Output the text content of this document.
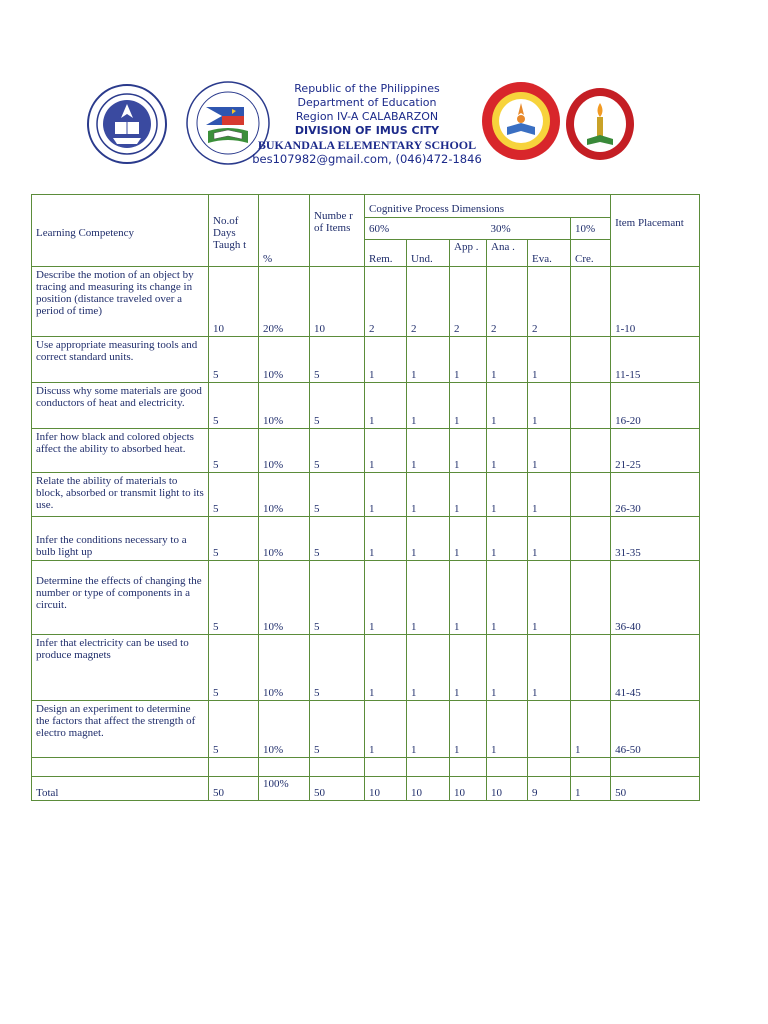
Republic of the Philippines
Department of Education
Region IV-A CALABARZON
DIVISION OF IMUS CITY
BUKANDALA ELEMENTARY SCHOOL
bes107982@gmail.com, (046)472-1846
Learning Competency	No.of Days Taugh t	%	Numbe r of Items	Cognitive Process Dimensions						Item Placemant
				60%			30%		10%	
				Rem.	Und.	App .	Ana .	Eva.	Cre.	
Describe the motion of an object by tracing and measuring its change in position (distance traveled over a period of time)	10	20%	10	2	2	2	2	2		1-10
Use appropriate measuring tools and correct standard units.	5	10%	5	1	1	1	1	1		11-15
Discuss why some materials are good conductors of heat and electricity.	5	10%	5	1	1	1	1	1		16-20
Infer how black and colored objects affect the ability to absorbed heat.	5	10%	5	1	1	1	1	1		21-25
Relate the ability of materials to block, absorbed or transmit light to its use.	5	10%	5	1	1	1	1	1		26-30
Infer the conditions necessary to a bulb light up	5	10%	5	1	1	1	1	1		31-35
Determine the effects of changing the number or type of components in a circuit.	5	10%	5	1	1	1	1	1		36-40
Infer that electricity can be used to produce magnets	5	10%	5	1	1	1	1	1		41-45
Design an experiment to determine the factors that affect the strength of electro magnet.	5	10%	5	1	1	1	1		1	46-50

Total	50	100%	50	10	10	10	10	9	1	50
